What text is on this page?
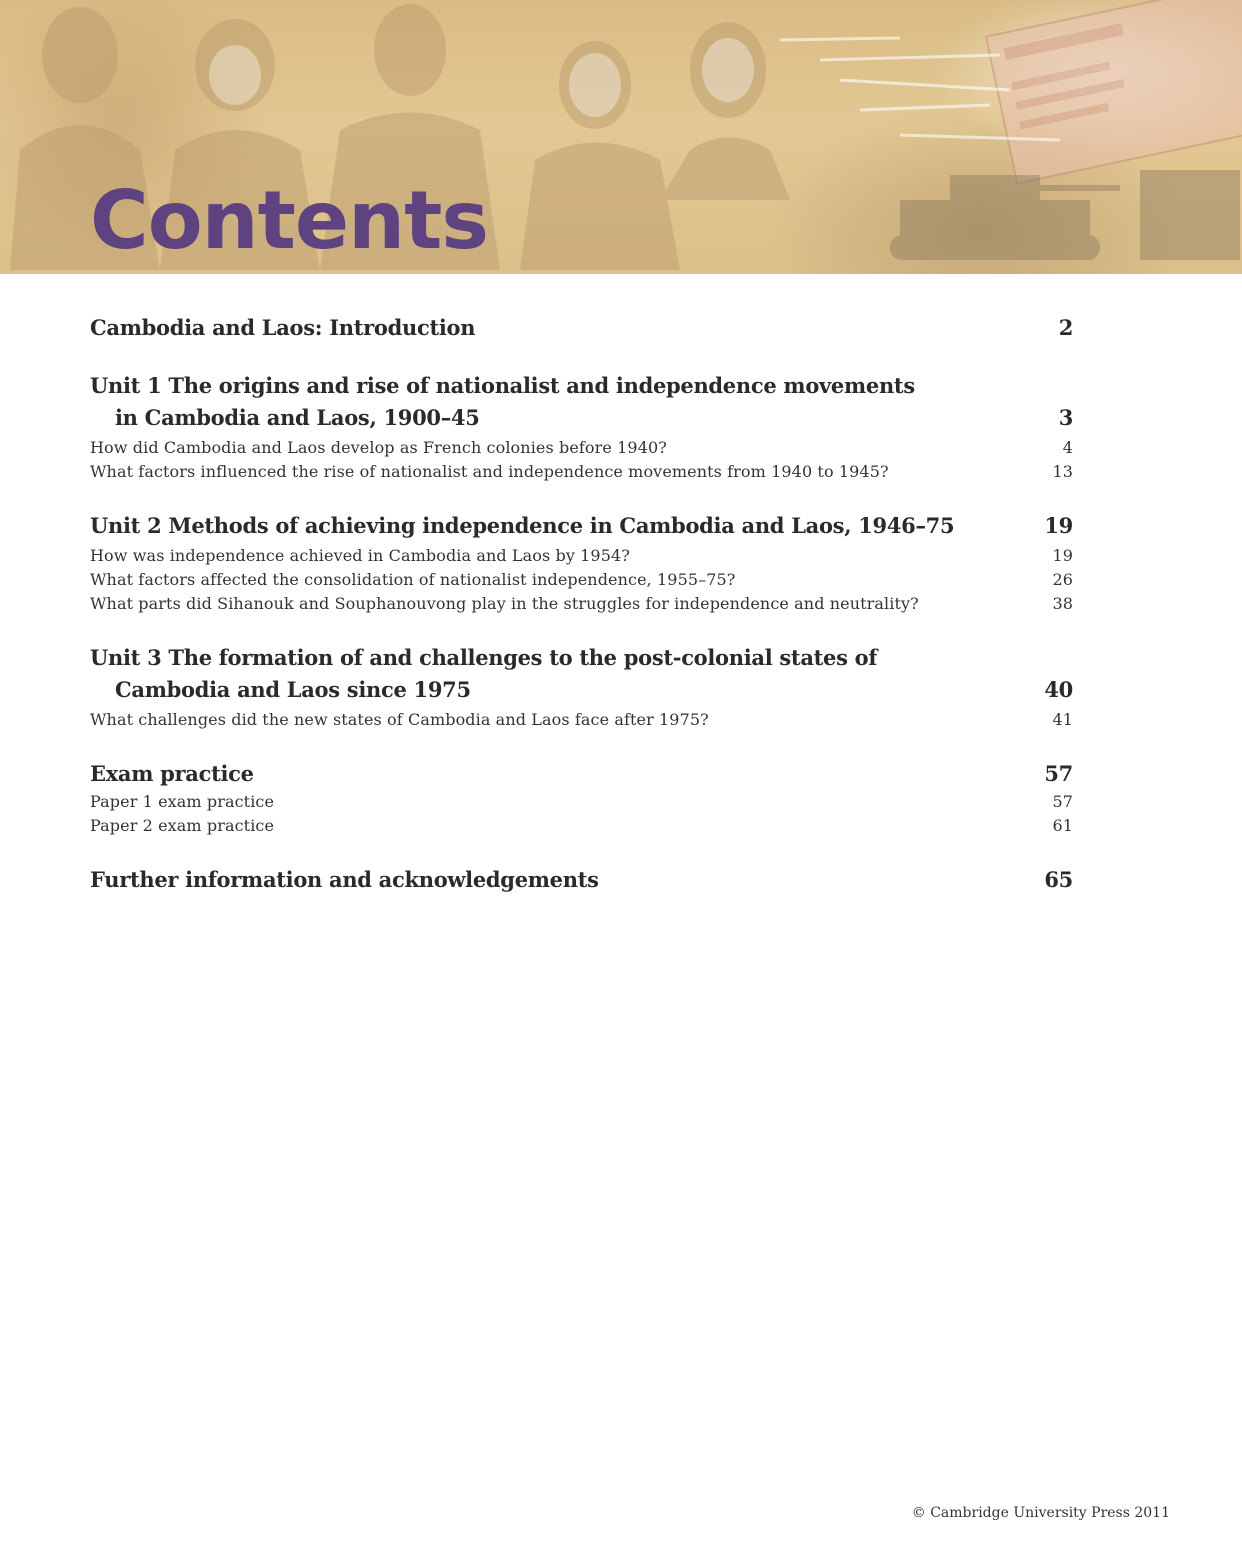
Contents
Cambodia and Laos: Introduction	2
Unit 1 The origins and rise of nationalist and independence movements
in Cambodia and Laos, 1900–45	3
How did Cambodia and Laos develop as French colonies before 1940?	4
What factors influenced the rise of nationalist and independence movements from 1940 to 1945?	13
Unit 2 Methods of achieving independence in Cambodia and Laos, 1946–75	19
How was independence achieved in Cambodia and Laos by 1954?	19
What factors affected the consolidation of nationalist independence, 1955–75?	26
What parts did Sihanouk and Souphanouvong play in the struggles for independence and neutrality?	38
Unit 3 The formation of and challenges to the post-colonial states of
Cambodia and Laos since 1975	40
What challenges did the new states of Cambodia and Laos face after 1975?	41
Exam practice	57
Paper 1 exam practice	57
Paper 2 exam practice	61
Further information and acknowledgements	65
© Cambridge University Press 2011
